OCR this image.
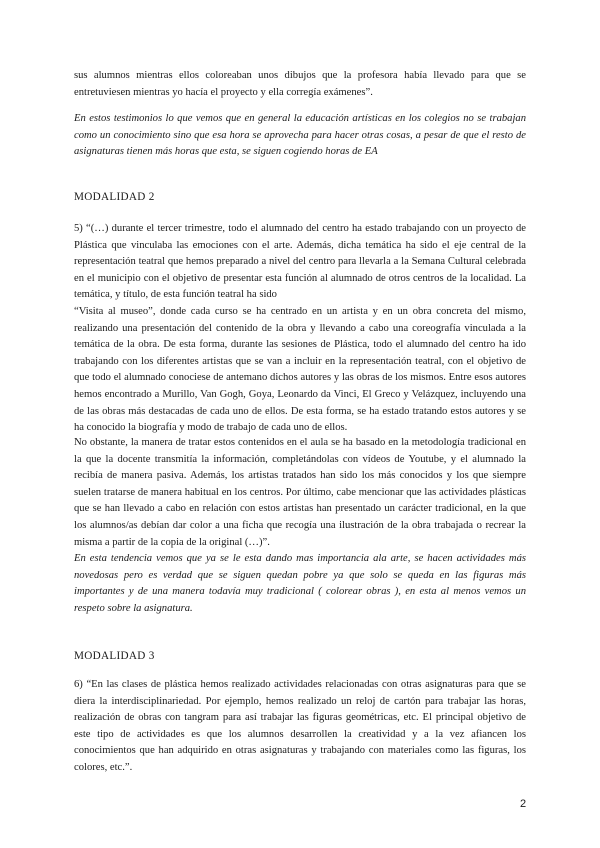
sus alumnos mientras ellos coloreaban unos dibujos que la profesora había llevado para que se entretuviesen mientras yo hacía el proyecto y ella corregía exámenes”.

En estos testimonios lo que vemos que en general la educación artísticas en los colegios no se trabajan como un conocimiento sino que esa hora se aprovecha para hacer otras cosas, a pesar de que el resto de asignaturas tienen más horas que esta, se siguen cogiendo horas de EA

MODALIDAD 2

5) “(…) durante el tercer trimestre, todo el alumnado del centro ha estado trabajando con un proyecto de Plástica que vinculaba las emociones con el arte. Además, dicha temática ha sido el eje central de la representación teatral que hemos preparado a nivel del centro para llevarla a la Semana Cultural celebrada en el municipio con el objetivo de presentar esta función al alumnado de otros centros de la localidad. La temática, y título, de esta función teatral ha sido

“Visita al museo”, donde cada curso se ha centrado en un artista y en un obra concreta del mismo, realizando una presentación del contenido de la obra y llevando a cabo una coreografía vinculada a la temática de la obra. De esta forma, durante las sesiones de Plástica, todo el alumnado del centro ha ido trabajando con los diferentes artistas que se van a incluir en la representación teatral, con el objetivo de que todo el alumnado conociese de antemano dichos autores y las obras de los mismos. Entre esos autores hemos encontrado a Murillo, Van Gogh, Goya, Leonardo da Vinci, El Greco y Velázquez, incluyendo una de las obras más destacadas de cada uno de ellos. De esta forma, se ha estado tratando estos autores y se ha conocido la biografía y modo de trabajo de cada uno de ellos.

No obstante, la manera de tratar estos contenidos en el aula se ha basado en la metodología tradicional en la que la docente transmitía la información, completándolas con vídeos de Youtube, y el alumnado la recibía de manera pasiva. Además, los artistas tratados han sido los más conocidos y los que siempre suelen tratarse de manera habitual en los centros. Por último, cabe mencionar que las actividades plásticas que se han llevado a cabo en relación con estos artistas han presentado un carácter tradicional, en la que los alumnos/as debían dar color a una ficha que recogía una ilustración de la obra trabajada o recrear la misma a partir de la copia de la original (…)”.

En esta tendencia vemos que ya se le esta dando mas importancia ala arte, se hacen actividades más novedosas pero es verdad que se siguen quedan pobre ya que solo se queda en las figuras más importantes y de una manera todavía muy tradicional ( colorear obras ), en esta al menos vemos un respeto sobre la asignatura.

MODALIDAD 3

6) “En las clases de plástica hemos realizado actividades relacionadas con otras asignaturas para que se diera la interdisciplinariedad. Por ejemplo, hemos realizado un reloj de cartón para trabajar las horas, realización de obras con tangram para así trabajar las figuras geométricas, etc. El principal objetivo de este tipo de actividades es que los alumnos desarrollen la creatividad y a la vez afiancen los conocimientos que han adquirido en otras asignaturas y trabajando con materiales como las figuras, los colores, etc.”.

2
